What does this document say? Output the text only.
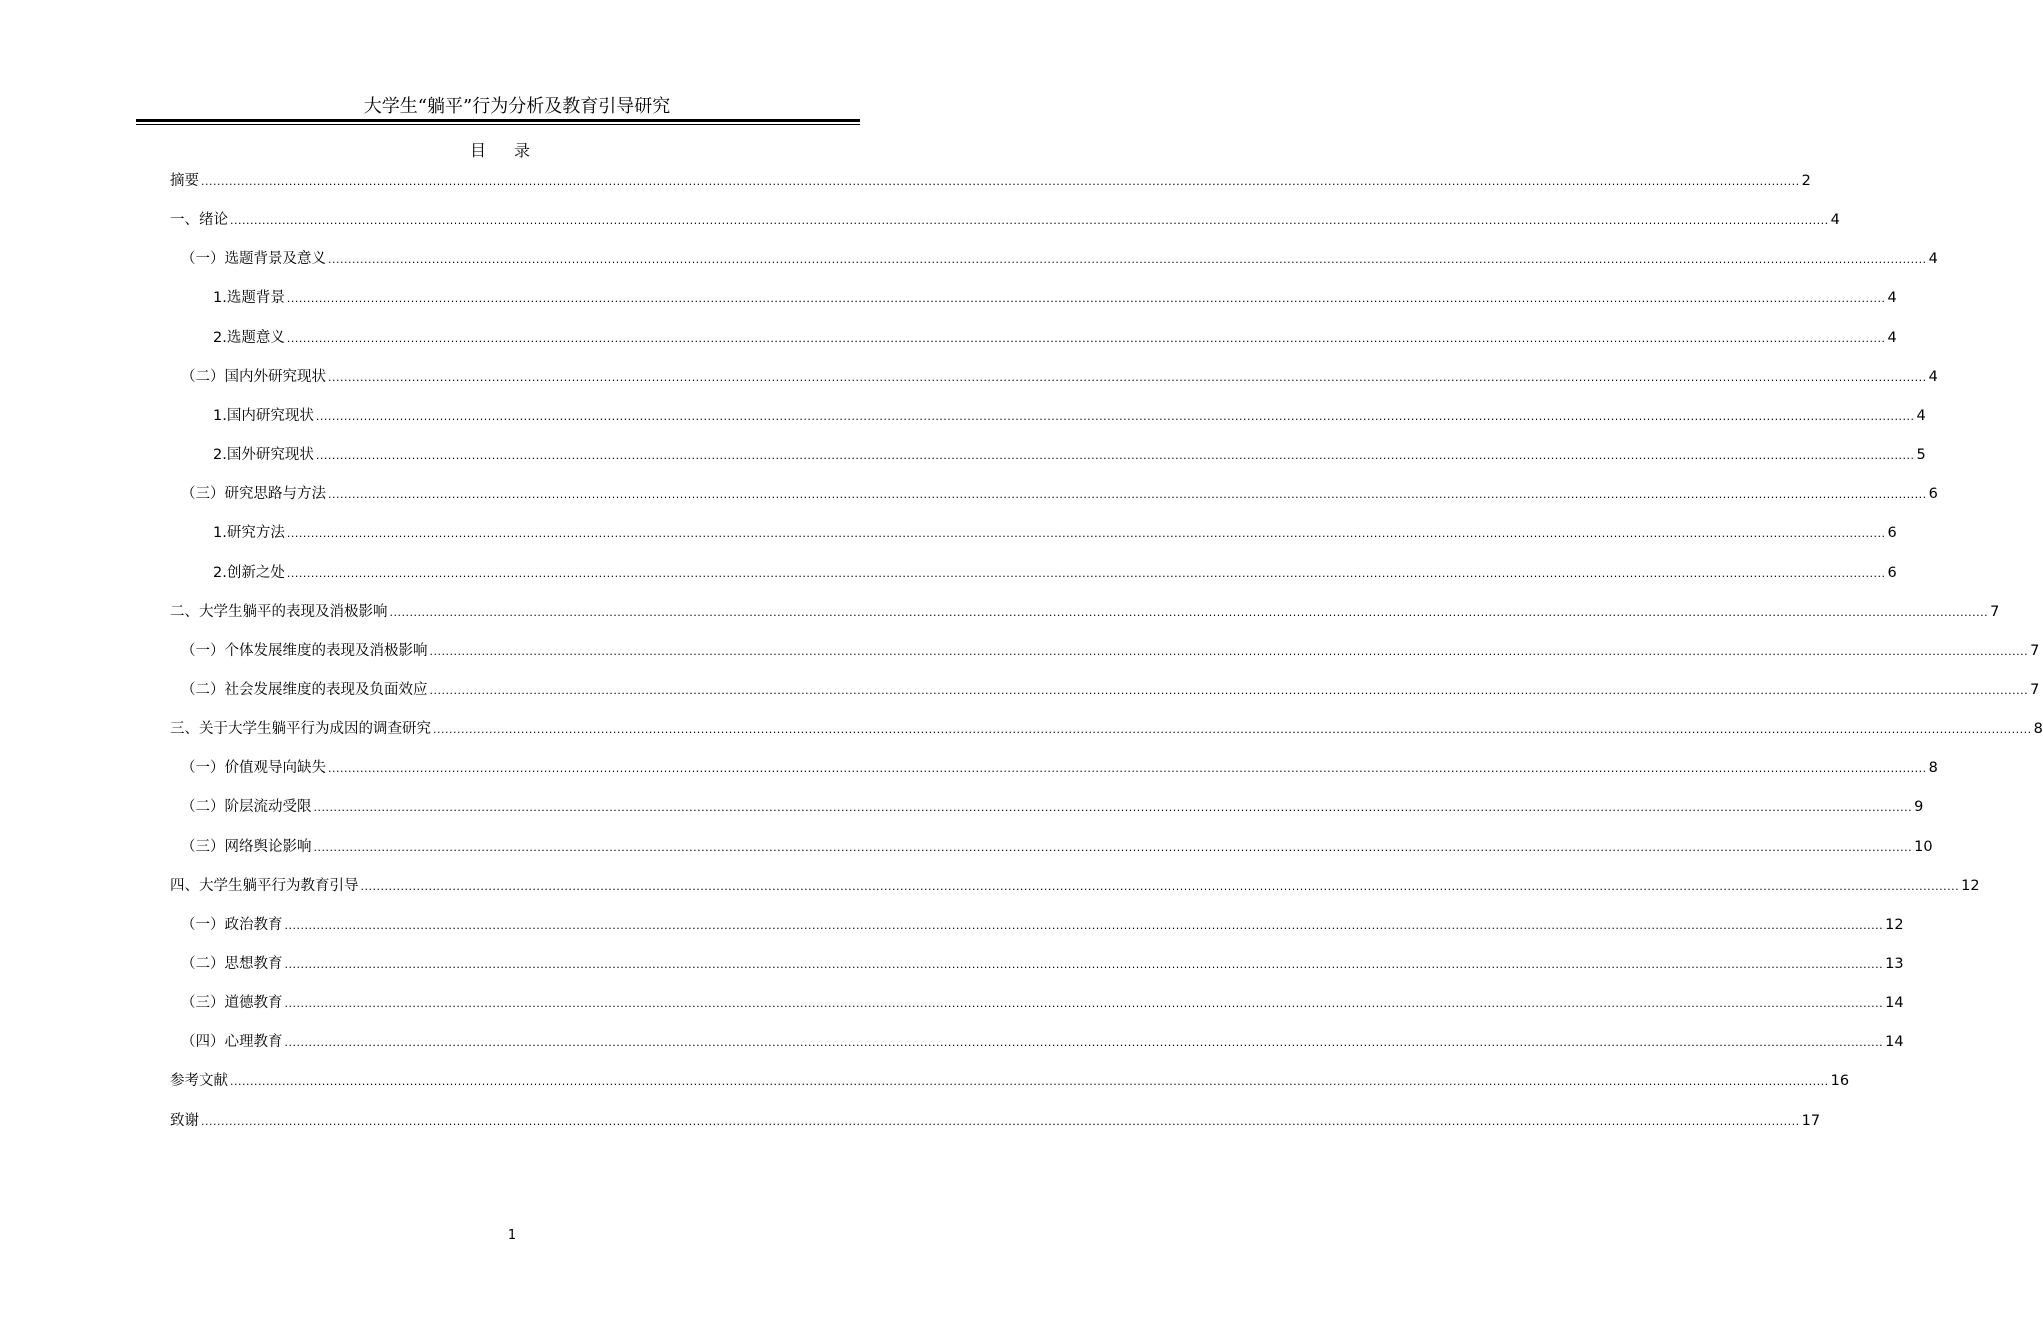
大学生“躺平”行为分析及教育引导研究
目 录
摘要 ................................................................................................................................................................................................................................................................................................................................................................................................................ 2
一、绪论 ................................................................................................................................................................................................................................................................................................................................................................................................................ 4
（一）选题背景及意义 ................................................................................................................................................................................................................................................................................................................................................................................................................ 4
1.选题背景 ................................................................................................................................................................................................................................................................................................................................................................................................................ 4
2.选题意义 ................................................................................................................................................................................................................................................................................................................................................................................................................ 4
（二）国内外研究现状 ................................................................................................................................................................................................................................................................................................................................................................................................................ 4
1.国内研究现状 ................................................................................................................................................................................................................................................................................................................................................................................................................ 4
2.国外研究现状 ................................................................................................................................................................................................................................................................................................................................................................................................................ 5
（三）研究思路与方法 ................................................................................................................................................................................................................................................................................................................................................................................................................ 6
1.研究方法 ................................................................................................................................................................................................................................................................................................................................................................................................................ 6
2.创新之处 ................................................................................................................................................................................................................................................................................................................................................................................................................ 6
二、大学生躺平的表现及消极影响 ................................................................................................................................................................................................................................................................................................................................................................................................................ 7
（一）个体发展维度的表现及消极影响 ................................................................................................................................................................................................................................................................................................................................................................................................................ 7
（二）社会发展维度的表现及负面效应 ................................................................................................................................................................................................................................................................................................................................................................................................................ 7
三、关于大学生躺平行为成因的调查研究 ................................................................................................................................................................................................................................................................................................................................................................................................................ 8
（一）价值观导向缺失 ................................................................................................................................................................................................................................................................................................................................................................................................................ 8
（二）阶层流动受限 ................................................................................................................................................................................................................................................................................................................................................................................................................ 9
（三）网络舆论影响 ................................................................................................................................................................................................................................................................................................................................................................................................................ 10
四、大学生躺平行为教育引导 ................................................................................................................................................................................................................................................................................................................................................................................................................ 12
（一）政治教育 ................................................................................................................................................................................................................................................................................................................................................................................................................ 12
（二）思想教育 ................................................................................................................................................................................................................................................................................................................................................................................................................ 13
（三）道德教育 ................................................................................................................................................................................................................................................................................................................................................................................................................ 14
（四）心理教育 ................................................................................................................................................................................................................................................................................................................................................................................................................ 14
参考文献 ................................................................................................................................................................................................................................................................................................................................................................................................................ 16
致谢 ................................................................................................................................................................................................................................................................................................................................................................................................................ 17
1
